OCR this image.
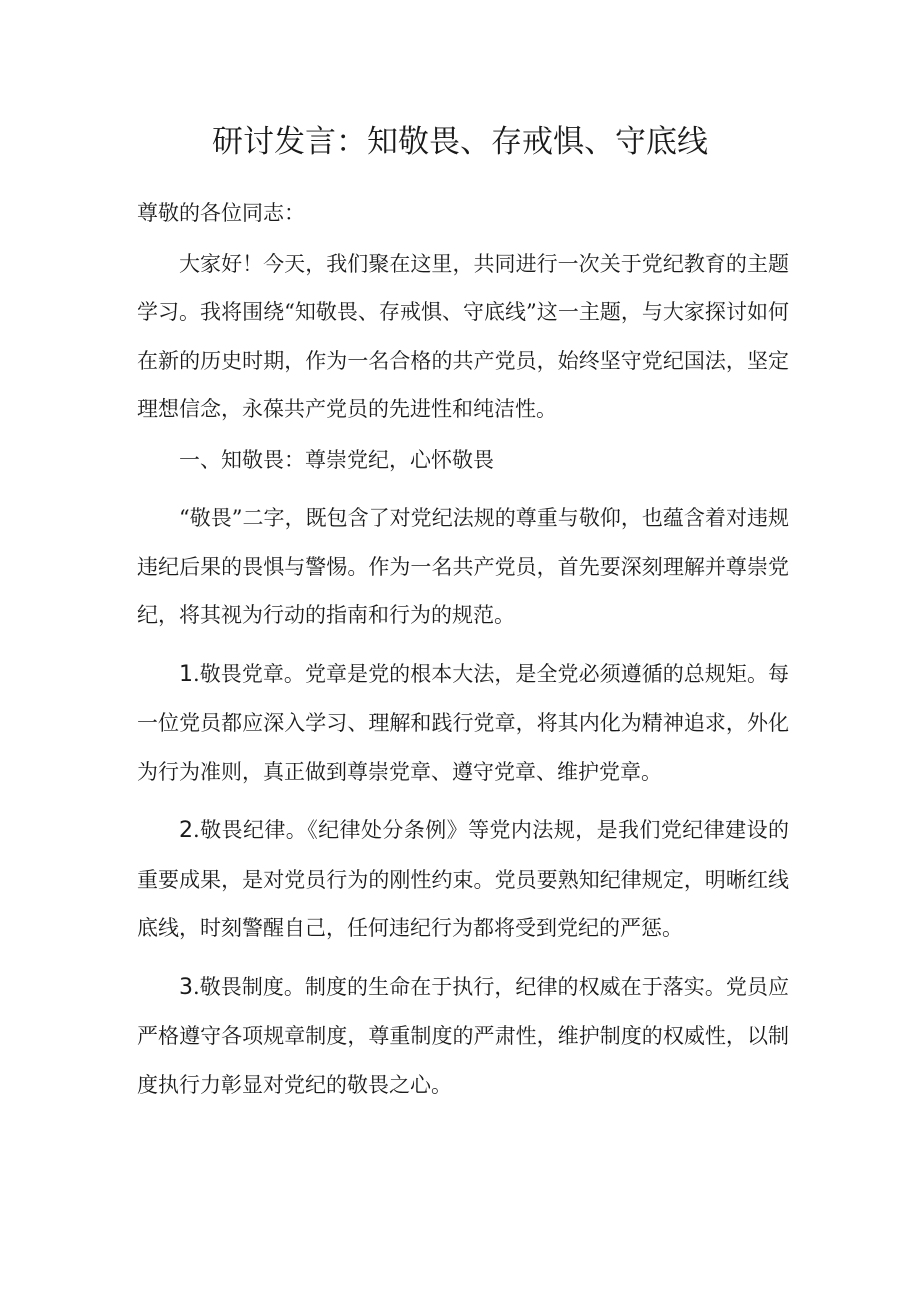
研讨发言：知敬畏、存戒惧、守底线

尊敬的各位同志：

大家好！今天，我们聚在这里，共同进行一次关于党纪教育的主题学习。我将围绕“知敬畏、存戒惧、守底线”这一主题，与大家探讨如何在新的历史时期，作为一名合格的共产党员，始终坚守党纪国法，坚定理想信念，永葆共产党员的先进性和纯洁性。

一、知敬畏：尊崇党纪，心怀敬畏

“敬畏”二字，既包含了对党纪法规的尊重与敬仰，也蕴含着对违规违纪后果的畏惧与警惕。作为一名共产党员，首先要深刻理解并尊崇党纪，将其视为行动的指南和行为的规范。

1.敬畏党章。党章是党的根本大法，是全党必须遵循的总规矩。每一位党员都应深入学习、理解和践行党章，将其内化为精神追求，外化为行为准则，真正做到尊崇党章、遵守党章、维护党章。

2.敬畏纪律。《纪律处分条例》等党内法规，是我们党纪律建设的重要成果，是对党员行为的刚性约束。党员要熟知纪律规定，明晰红线底线，时刻警醒自己，任何违纪行为都将受到党纪的严惩。

3.敬畏制度。制度的生命在于执行，纪律的权威在于落实。党员应严格遵守各项规章制度，尊重制度的严肃性，维护制度的权威性，以制度执行力彰显对党纪的敬畏之心。
